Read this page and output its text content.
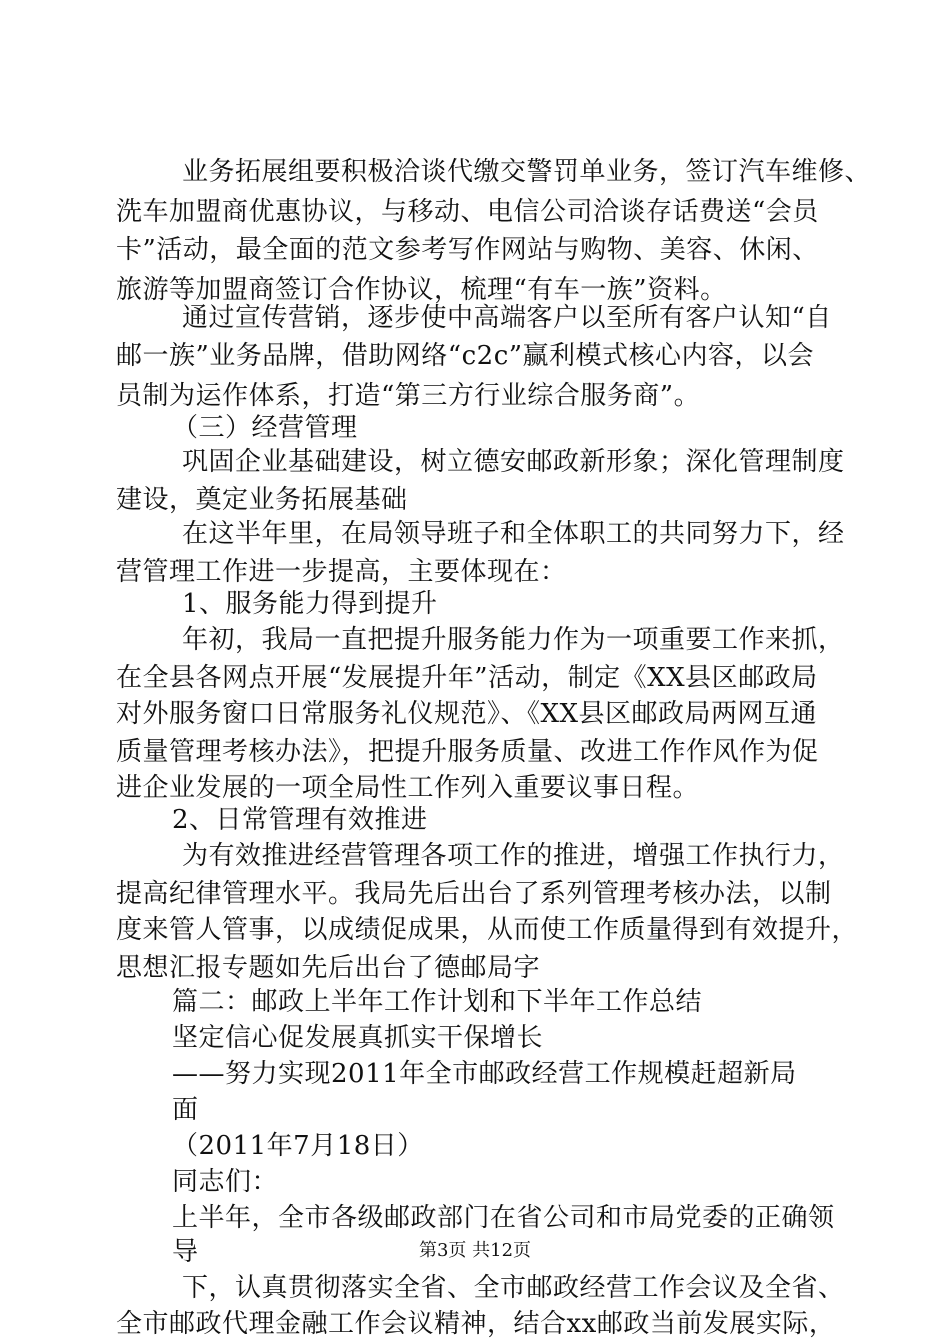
业务拓展组要积极洽谈代缴交警罚单业务，签订汽车维修、
洗车加盟商优惠协议，与移动、电信公司洽谈存话费送“会员
卡”活动，最全面的范文参考写作网站与购物、美容、休闲、
旅游等加盟商签订合作协议，梳理“有车一族”资料。
通过宣传营销，逐步使中高端客户以至所有客户认知“自
邮一族”业务品牌，借助网络“c2c”赢利模式核心内容，以会
员制为运作体系，打造“第三方行业综合服务商”。
（三）经营管理
巩固企业基础建设，树立德安邮政新形象；深化管理制度
建设，奠定业务拓展基础
在这半年里，在局领导班子和全体职工的共同努力下，经
营管理工作进一步提高，主要体现在：
1、服务能力得到提升
年初，我局一直把提升服务能力作为一项重要工作来抓，
在全县各网点开展“发展提升年”活动，制定《XX县区邮政局
对外服务窗口日常服务礼仪规范》、《XX县区邮政局两网互通
质量管理考核办法》，把提升服务质量、改进工作作风作为促
进企业发展的一项全局性工作列入重要议事日程。
2、日常管理有效推进
为有效推进经营管理各项工作的推进，增强工作执行力，
提高纪律管理水平。我局先后出台了系列管理考核办法，以制
度来管人管事，以成绩促成果，从而使工作质量得到有效提升，
思想汇报专题如先后出台了德邮局字
篇二：邮政上半年工作计划和下半年工作总结
坚定信心促发展真抓实干保增长
——努力实现2011年全市邮政经营工作规模赶超新局
面
（2011年7月18日）
同志们：
上半年，全市各级邮政部门在省公司和市局党委的正确领
导
下，认真贯彻落实全省、全市邮政经营工作会议及全省、
全市邮政代理金融工作会议精神，结合xx邮政当前发展实际，
第3页 共12页
